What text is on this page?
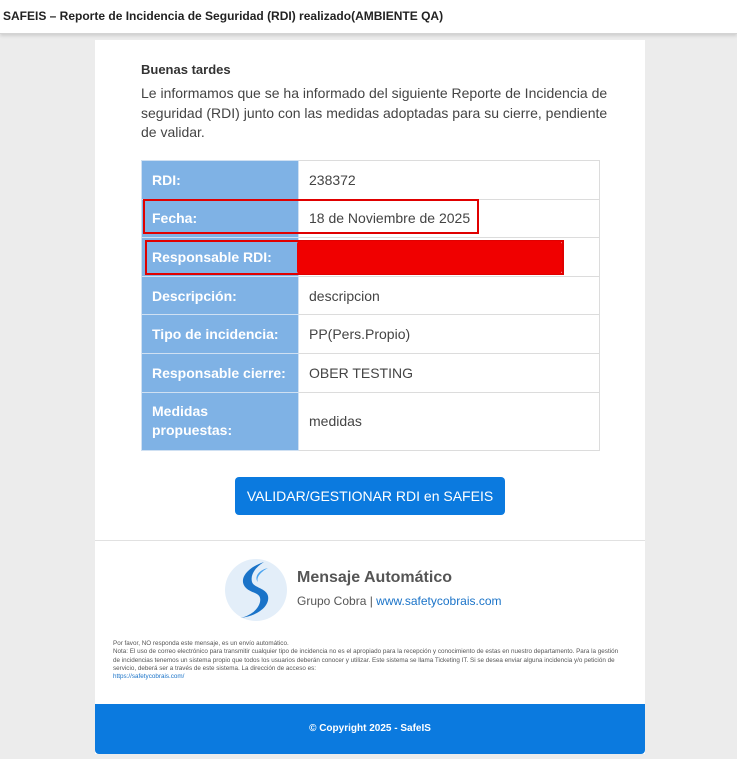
SAFEIS – Reporte de Incidencia de Seguridad (RDI) realizado(AMBIENTE QA)
Buenas tardes
Le informamos que se ha informado del siguiente Reporte de Incidencia de seguridad (RDI) junto con las medidas adoptadas para su cierre, pendiente de validar.
RDI:	238372
Fecha:	18 de Noviembre de 2025
Responsable RDI:	
Descripción:	descripcion
Tipo de incidencia:	PP(Pers.Propio)
Responsable cierre:	OBER TESTING

Medidas propuestas:	medidas
VALIDAR/GESTIONAR RDI en SAFEIS
Mensaje Automático
Grupo Cobra | www.safetycobrais.com
Por favor, NO responda este mensaje, es un envío automático.
Nota: El uso de correo electrónico para transmitir cualquier tipo de incidencia no es el apropiado para la recepción y conocimiento de estas en nuestro departamento. Para la gestión de incidencias tenemos un sistema propio que todos los usuarios deberán conocer y utilizar. Este sistema se llama Ticketing IT. Si se desea enviar alguna incidencia y/o petición de servicio, deberá ser a través de este sistema. La dirección de acceso es:
https://safetycobrais.com/
© Copyright 2025 - SafeIS
